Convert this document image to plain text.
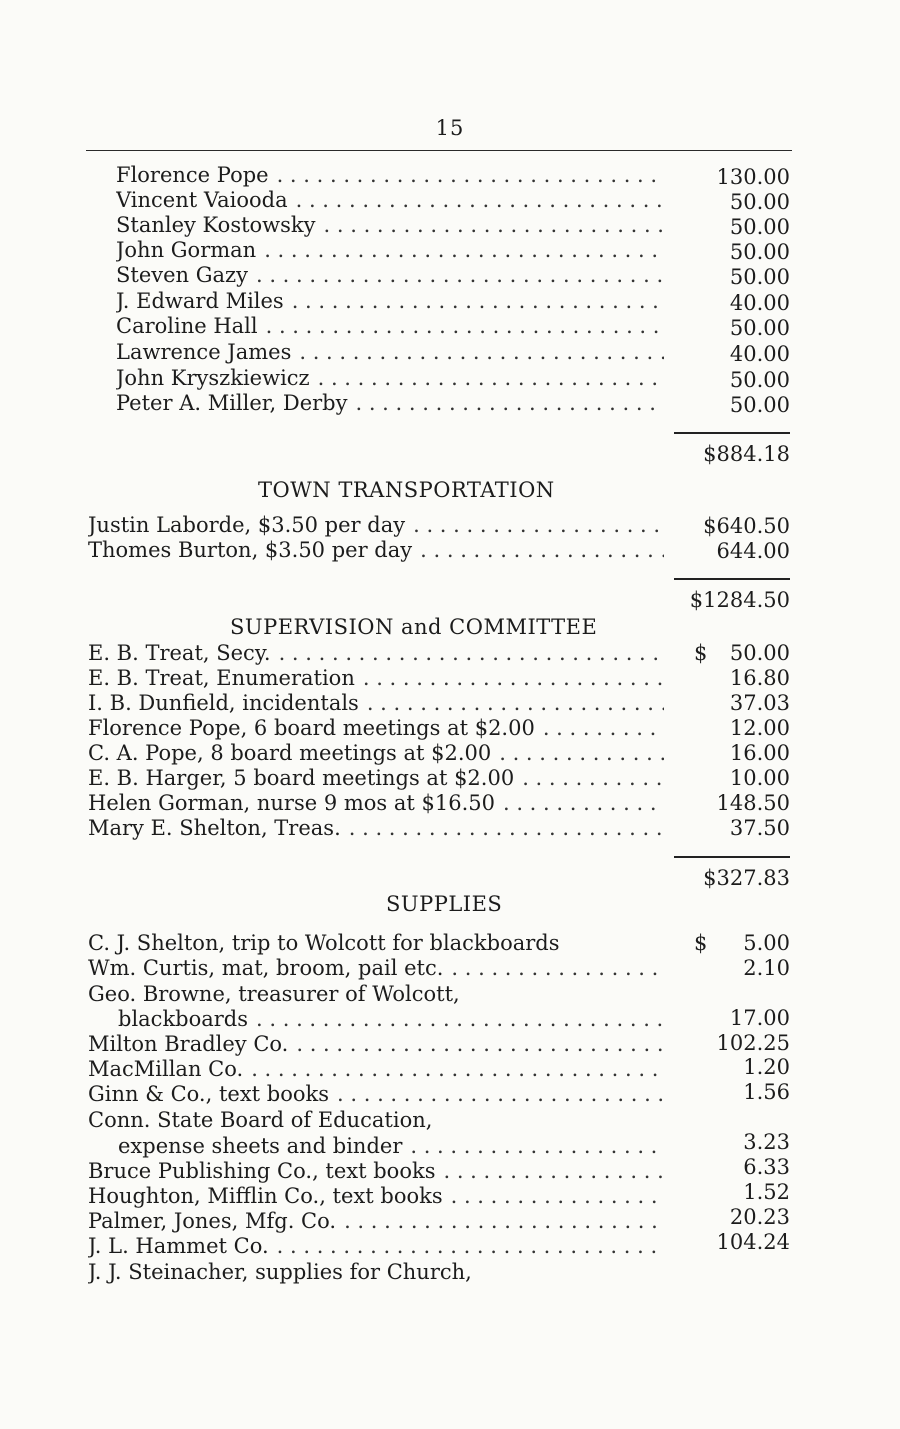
15
Florence Pope . . .	130.00
Vincent Vaiooda . . .	50.00
Stanley Kostowsky . . .	50.00
John Gorman . . .	50.00
Steven Gazy . . .	50.00
J. Edward Miles . . .	40.00
Caroline Hall . . .	50.00
Lawrence James . . .	40.00
John Kryszkiewicz . . .	50.00
Peter A. Miller, Derby . . .	50.00
$884.18
TOWN TRANSPORTATION
Justin Laborde, $3.50 per day . . .	$640.50
Thomes Burton, $3.50 per day . . .	644.00
$1284.50
SUPERVISION and COMMITTEE
E. B. Treat, Secy. . . .	$ 50.00
E. B. Treat, Enumeration . . .	16.80
I. B. Dunfield, incidentals . . .	37.03
Florence Pope, 6 board meetings at $2.00 . . .	12.00
C. A. Pope, 8 board meetings at $2.00 . . .	16.00
E. B. Harger, 5 board meetings at $2.00 . . .	10.00
Helen Gorman, nurse 9 mos at $16.50 . . .	148.50
Mary E. Shelton, Treas. . . .	37.50
$327.83
SUPPLIES
C. J. Shelton, trip to Wolcott for blackboards	$ 5.00
Wm. Curtis, mat, broom, pail etc. . . .	2.10
Geo. Browne, treasurer of Wolcott,
blackboards . . .	17.00
Milton Bradley Co. . . .	102.25
MacMillan Co. . . .	1.20
Ginn & Co., text books . . .	1.56
Conn. State Board of Education,
expense sheets and binder . . .	3.23
Bruce Publishing Co., text books . . .	6.33
Houghton, Mifflin Co., text books . . .	1.52
Palmer, Jones, Mfg. Co. . . .	20.23
J. L. Hammet Co. . . .	104.24
J. J. Steinacher, supplies for Church,
